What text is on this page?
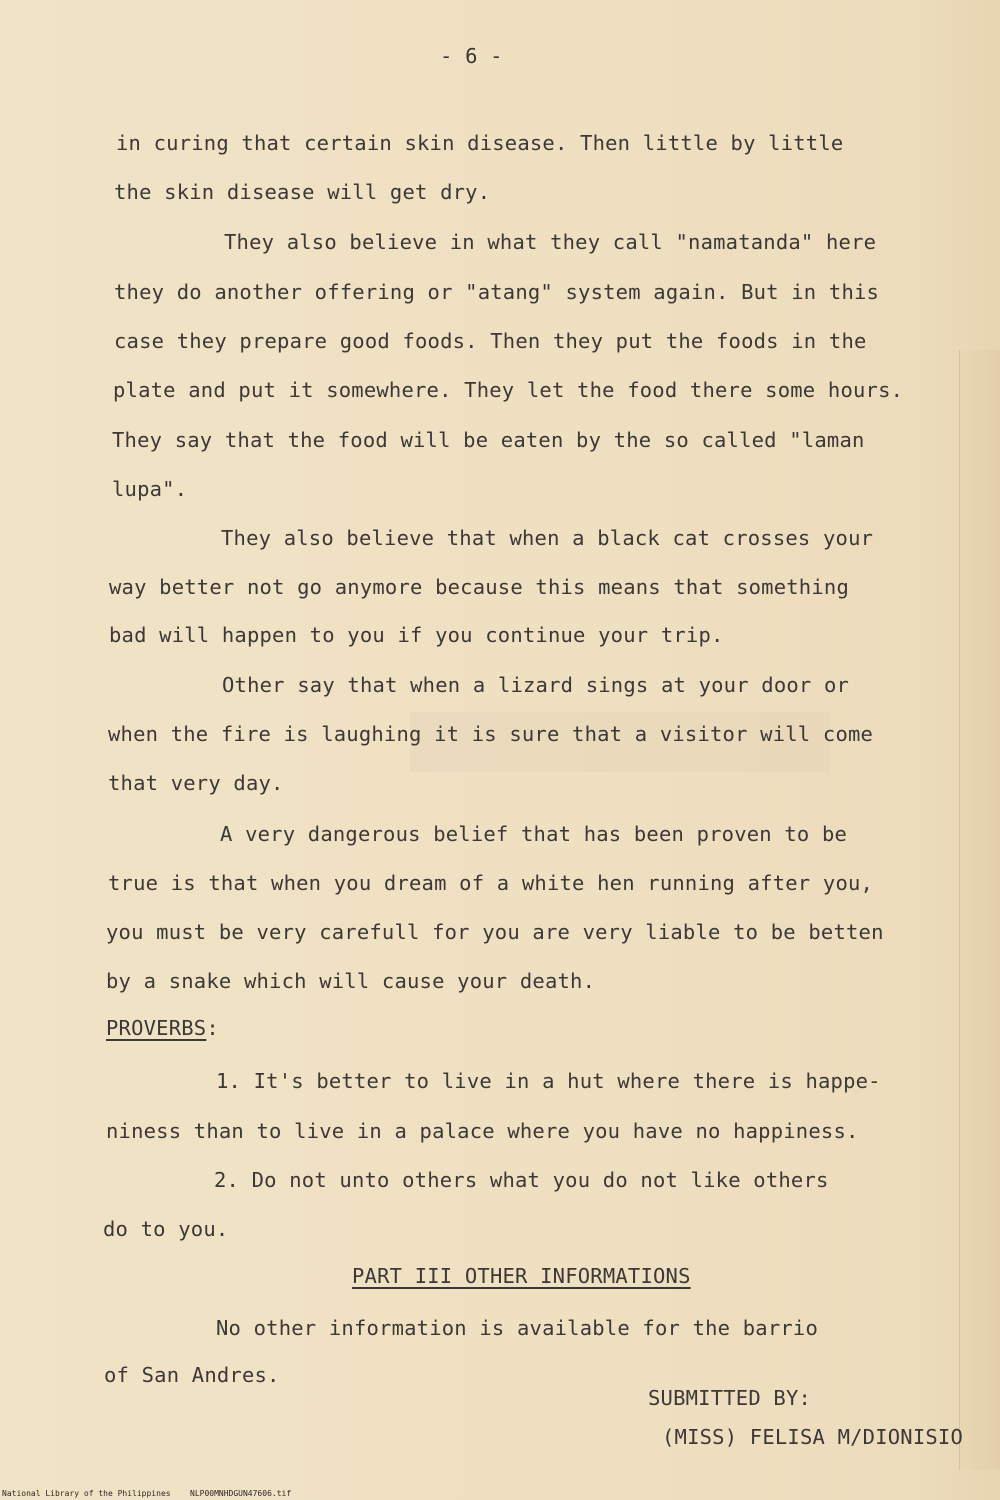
- 6 -

in curing that certain skin disease. Then little by little

the skin disease will get dry.

They also believe in what they call "namatanda" here

they do another offering or "atang" system again. But in this

case they prepare good foods. Then they put the foods in the

plate and put it somewhere. They let the food there some hours.

They say that the food will be eaten by the so called "laman

lupa".

They also believe that when a black cat crosses your

way better not go anymore because this means that something

bad will happen to you if you continue your trip.

Other say that when a lizard sings at your door or

when the fire is laughing it is sure that a visitor will come

that very day.

A very dangerous belief that has been proven to be

true is that when you dream of a white hen running after you,

you must be very carefull for you are very liable to be betten

by a snake which will cause your death.

PROVERBS:

1. It's better to live in a hut where there is happe-

niness than to live in a palace where you have no happiness.

2. Do not unto others what you do not like others

do to you.

PART III OTHER INFORMATIONS

No other information is available for the barrio

of San Andres.

SUBMITTED BY:

(MISS) FELISA M/DIONISIO

National Library of the Philippines NLP00MNHDGUN47606.tif
